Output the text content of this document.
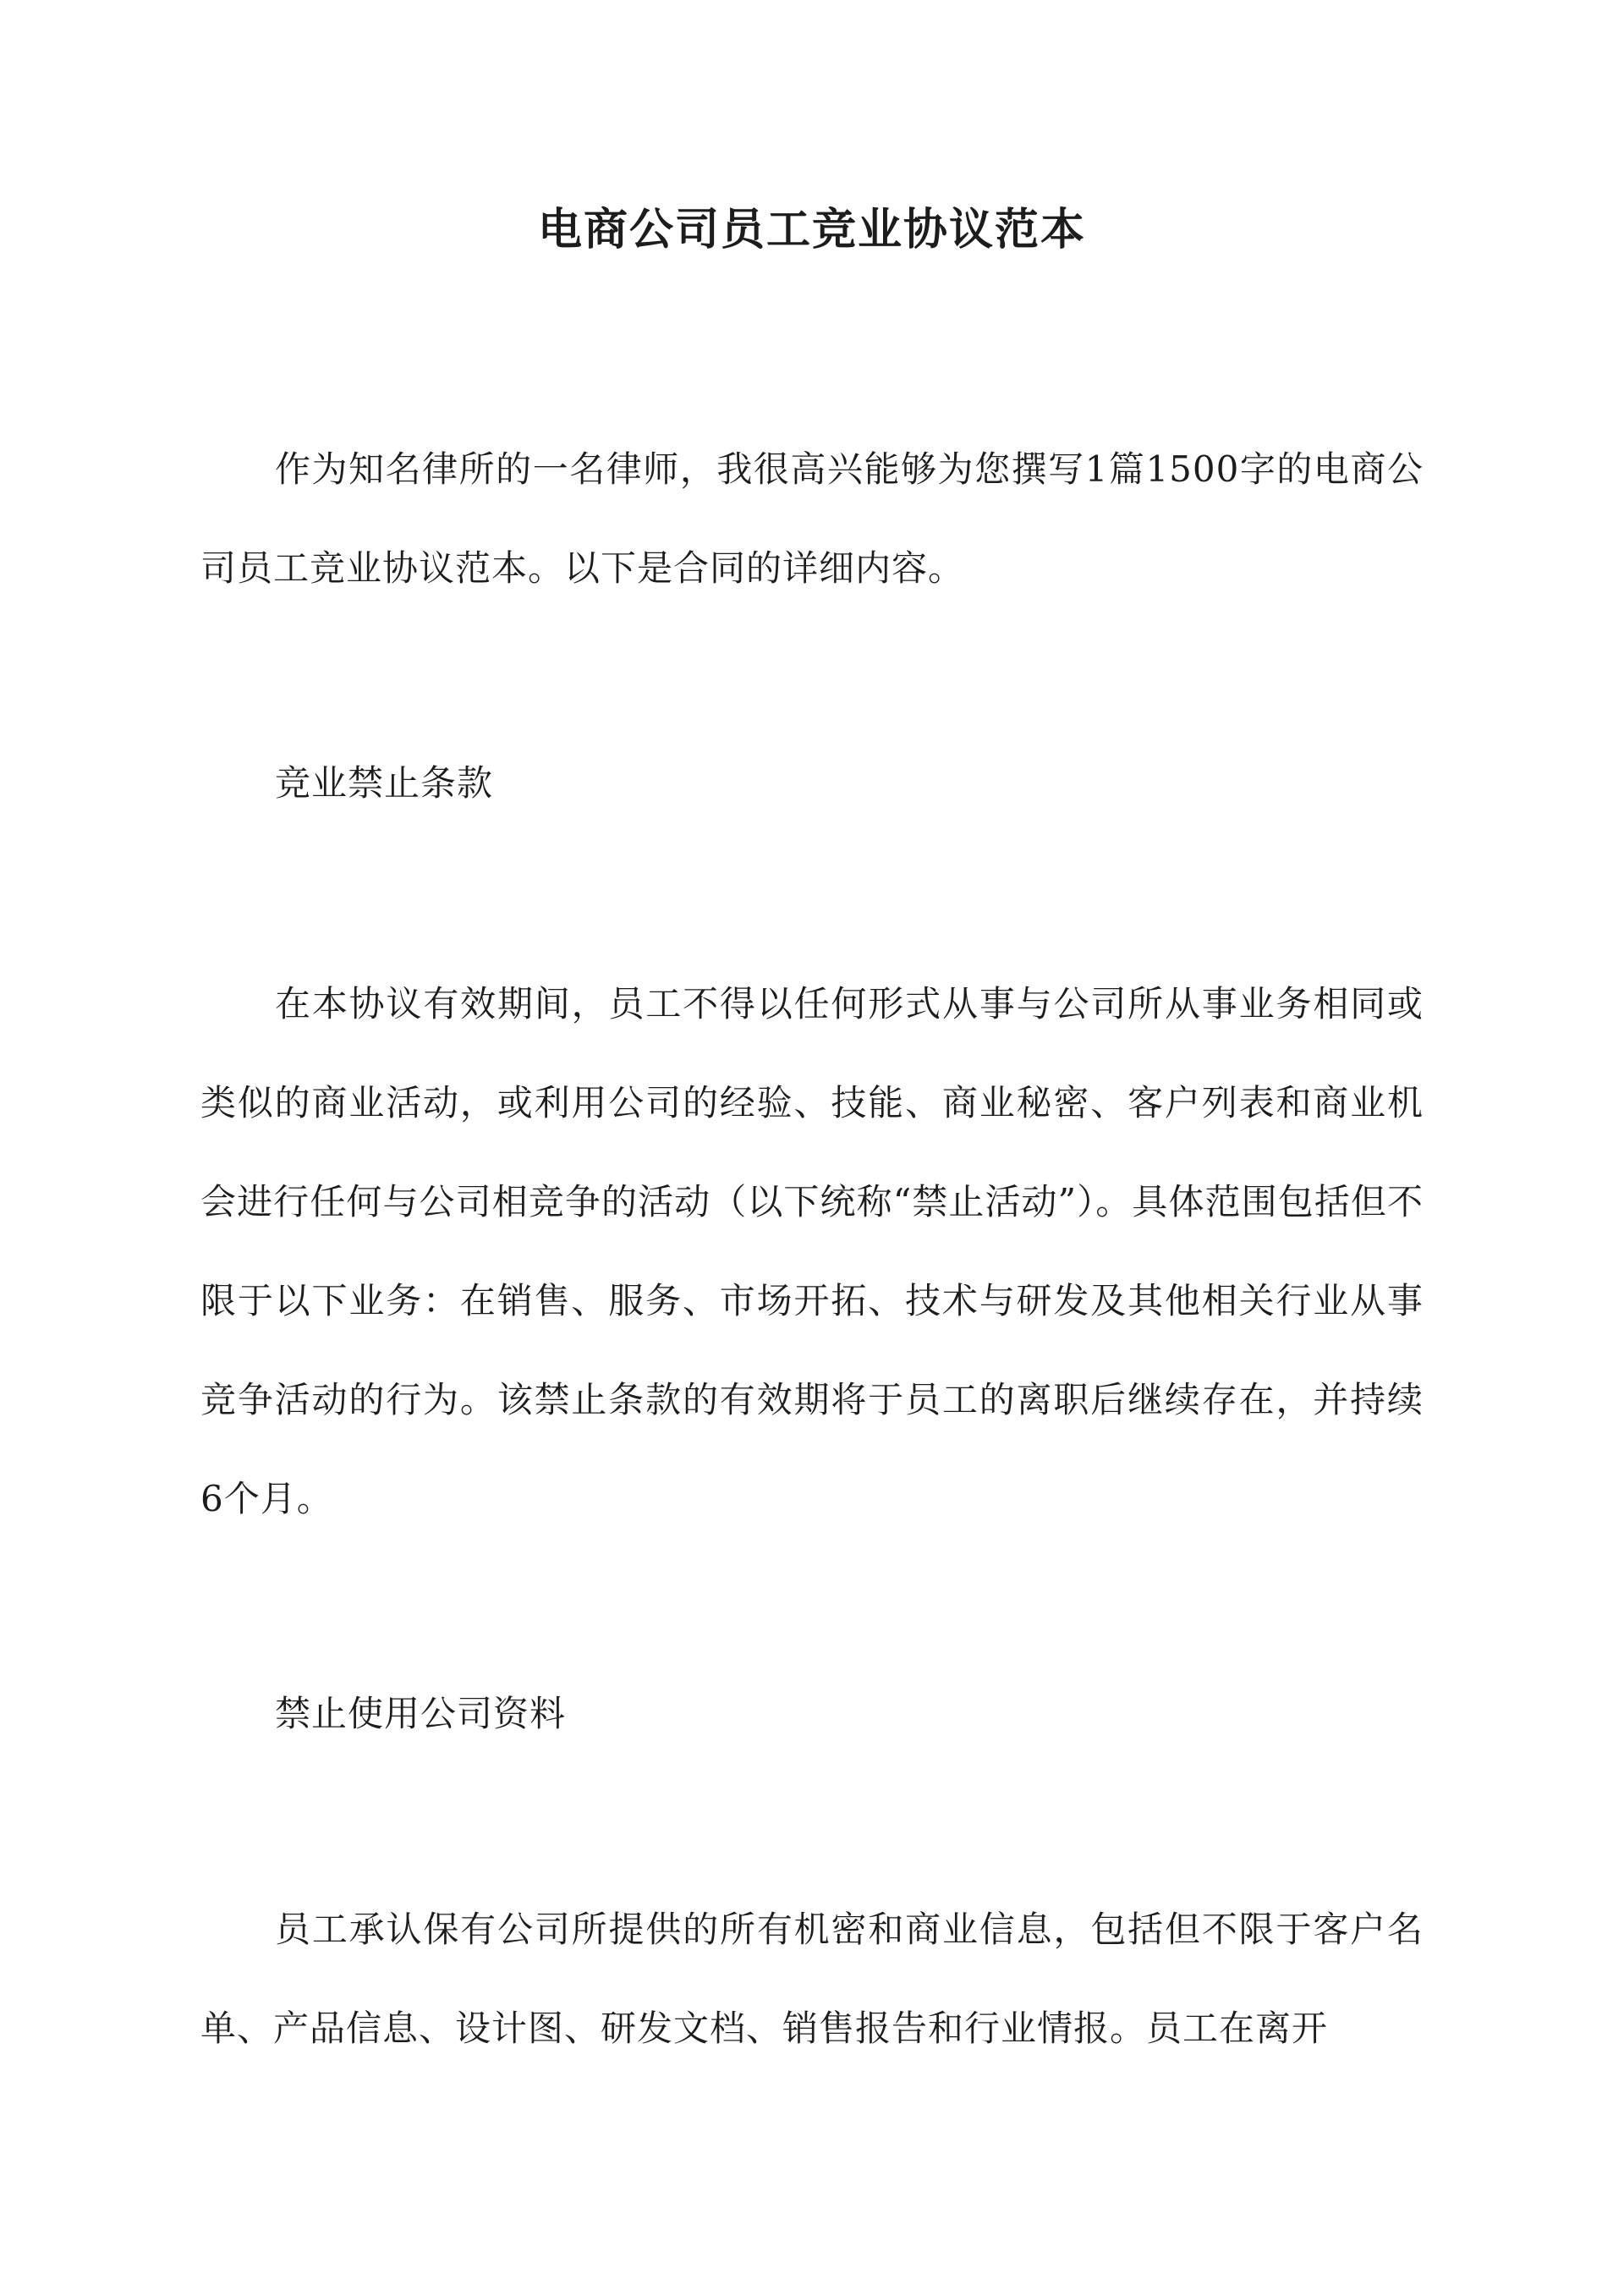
电商公司员工竞业协议范本

作为知名律所的一名律师，我很高兴能够为您撰写1篇1500字的电商公司员工竞业协议范本。以下是合同的详细内容。

竞业禁止条款

在本协议有效期间，员工不得以任何形式从事与公司所从事业务相同或类似的商业活动，或利用公司的经验、技能、商业秘密、客户列表和商业机会进行任何与公司相竞争的活动（以下统称“禁止活动”）。具体范围包括但不限于以下业务：在销售、服务、市场开拓、技术与研发及其他相关行业从事竞争活动的行为。该禁止条款的有效期将于员工的离职后继续存在，并持续6个月。

禁止使用公司资料

员工承认保有公司所提供的所有机密和商业信息，包括但不限于客户名单、产品信息、设计图、研发文档、销售报告和行业情报。员工在离开
